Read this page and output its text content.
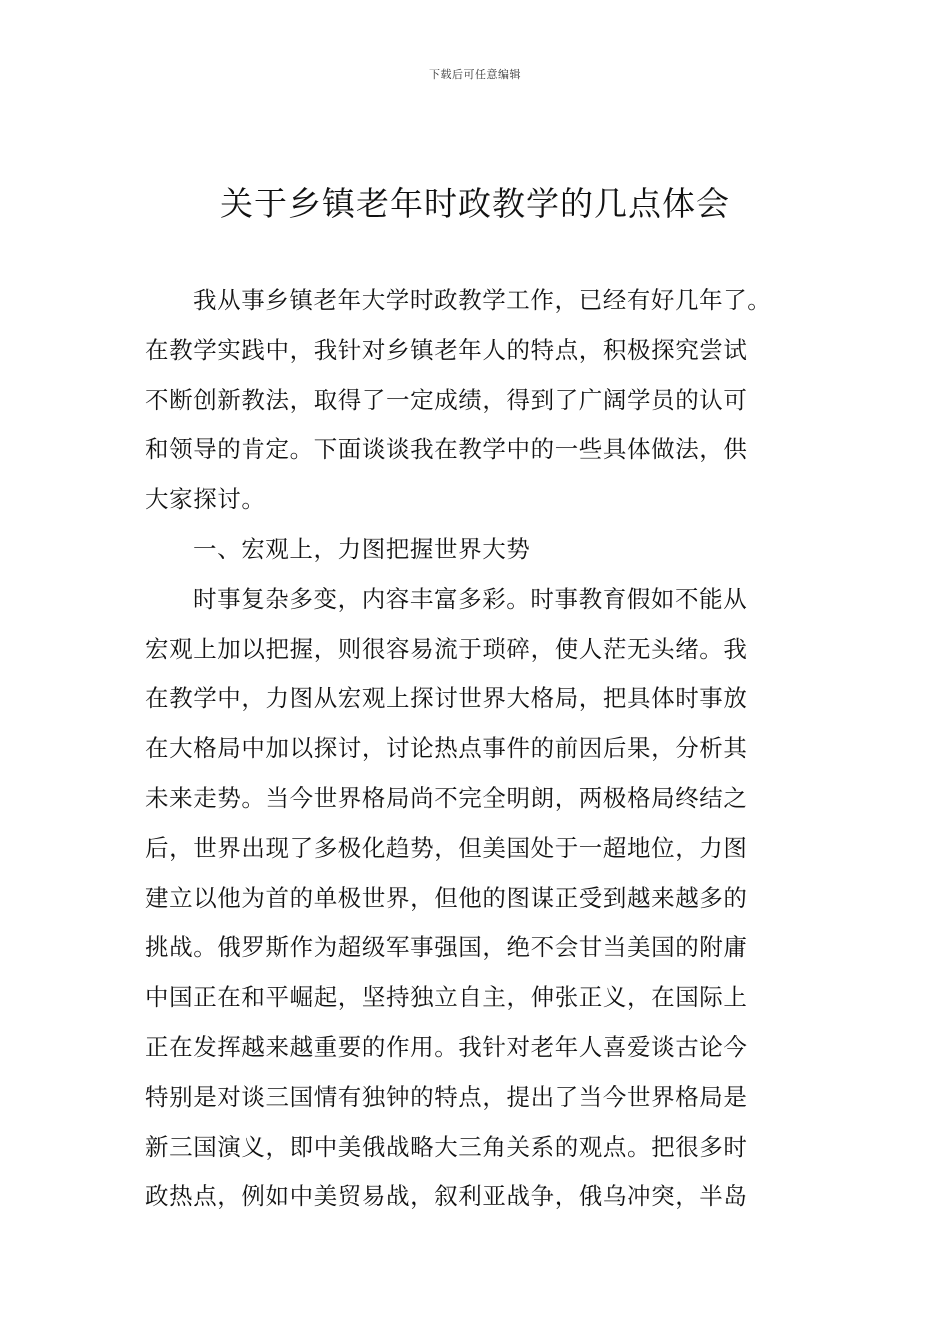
下载后可任意编辑
关于乡镇老年时政教学的几点体会

我从事乡镇老年大学时政教学工作，已经有好几年了。
在教学实践中，我针对乡镇老年人的特点，积极探究尝试
不断创新教法，取得了一定成绩，得到了广阔学员的认可
和领导的肯定。下面谈谈我在教学中的一些具体做法，供
大家探讨。

一、宏观上，力图把握世界大势

时事复杂多变，内容丰富多彩。时事教育假如不能从
宏观上加以把握，则很容易流于琐碎，使人茫无头绪。我
在教学中，力图从宏观上探讨世界大格局，把具体时事放
在大格局中加以探讨，讨论热点事件的前因后果，分析其
未来走势。当今世界格局尚不完全明朗，两极格局终结之
后，世界出现了多极化趋势，但美国处于一超地位，力图
建立以他为首的单极世界，但他的图谋正受到越来越多的
挑战。俄罗斯作为超级军事强国，绝不会甘当美国的附庸
中国正在和平崛起，坚持独立自主，伸张正义，在国际上
正在发挥越来越重要的作用。我针对老年人喜爱谈古论今
特别是对谈三国情有独钟的特点，提出了当今世界格局是
新三国演义，即中美俄战略大三角关系的观点。把很多时
政热点，例如中美贸易战，叙利亚战争，俄乌冲突，半岛
